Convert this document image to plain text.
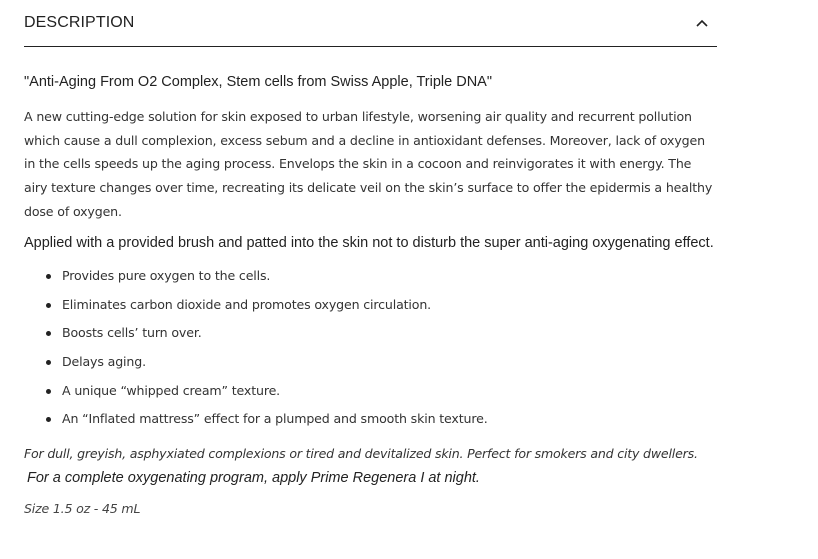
DESCRIPTION

"Anti-Aging From O2 Complex, Stem cells from Swiss Apple, Triple DNA"

A new cutting-edge solution for skin exposed to urban lifestyle, worsening air quality and recurrent pollution which cause a dull complexion, excess sebum and a decline in antioxidant defenses. Moreover, lack of oxygen in the cells speeds up the aging process. Envelops the skin in a cocoon and reinvigorates it with energy. The airy texture changes over time, recreating its delicate veil on the skin’s surface to offer the epidermis a healthy dose of oxygen.

Applied with a provided brush and patted into the skin not to disturb the super anti-aging oxygenating effect.

Provides pure oxygen to the cells.
Eliminates carbon dioxide and promotes oxygen circulation.
Boosts cells’ turn over.
Delays aging.
A unique “whipped cream” texture.
An “Inflated mattress” effect for a plumped and smooth skin texture.

For dull, greyish, asphyxiated complexions or tired and devitalized skin. Perfect for smokers and city dwellers.

For a complete oxygenating program, apply Prime Regenera I at night.

Size 1.5 oz - 45 mL
